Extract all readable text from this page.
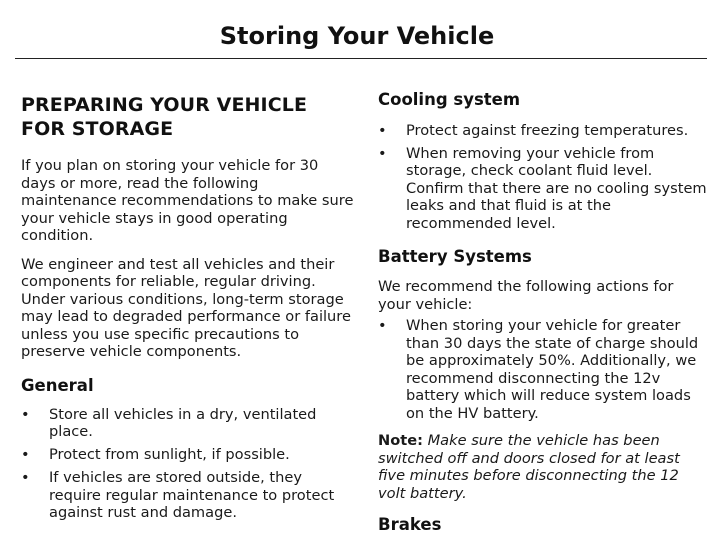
Storing Your Vehicle
PREPARING YOUR VEHICLE FOR STORAGE

If you plan on storing your vehicle for 30 days or more, read the following maintenance recommendations to make sure your vehicle stays in good operating condition.

We engineer and test all vehicles and their components for reliable, regular driving. Under various conditions, long-term storage may lead to degraded performance or failure unless you use specific precautions to preserve vehicle components.

General
• Store all vehicles in a dry, ventilated place.
• Protect from sunlight, if possible.
• If vehicles are stored outside, they require regular maintenance to protect against rust and damage.
Cooling system
• Protect against freezing temperatures.
• When removing your vehicle from storage, check coolant fluid level. Confirm that there are no cooling system leaks and that fluid is at the recommended level.
Battery Systems

We recommend the following actions for your vehicle:

• When storing your vehicle for greater than 30 days the state of charge should be approximately 50%. Additionally, we recommend disconnecting the 12v battery which will reduce system loads on the HV battery.

Note: Make sure the vehicle has been switched off and doors closed for at least five minutes before disconnecting the 12 volt battery.

Brakes
